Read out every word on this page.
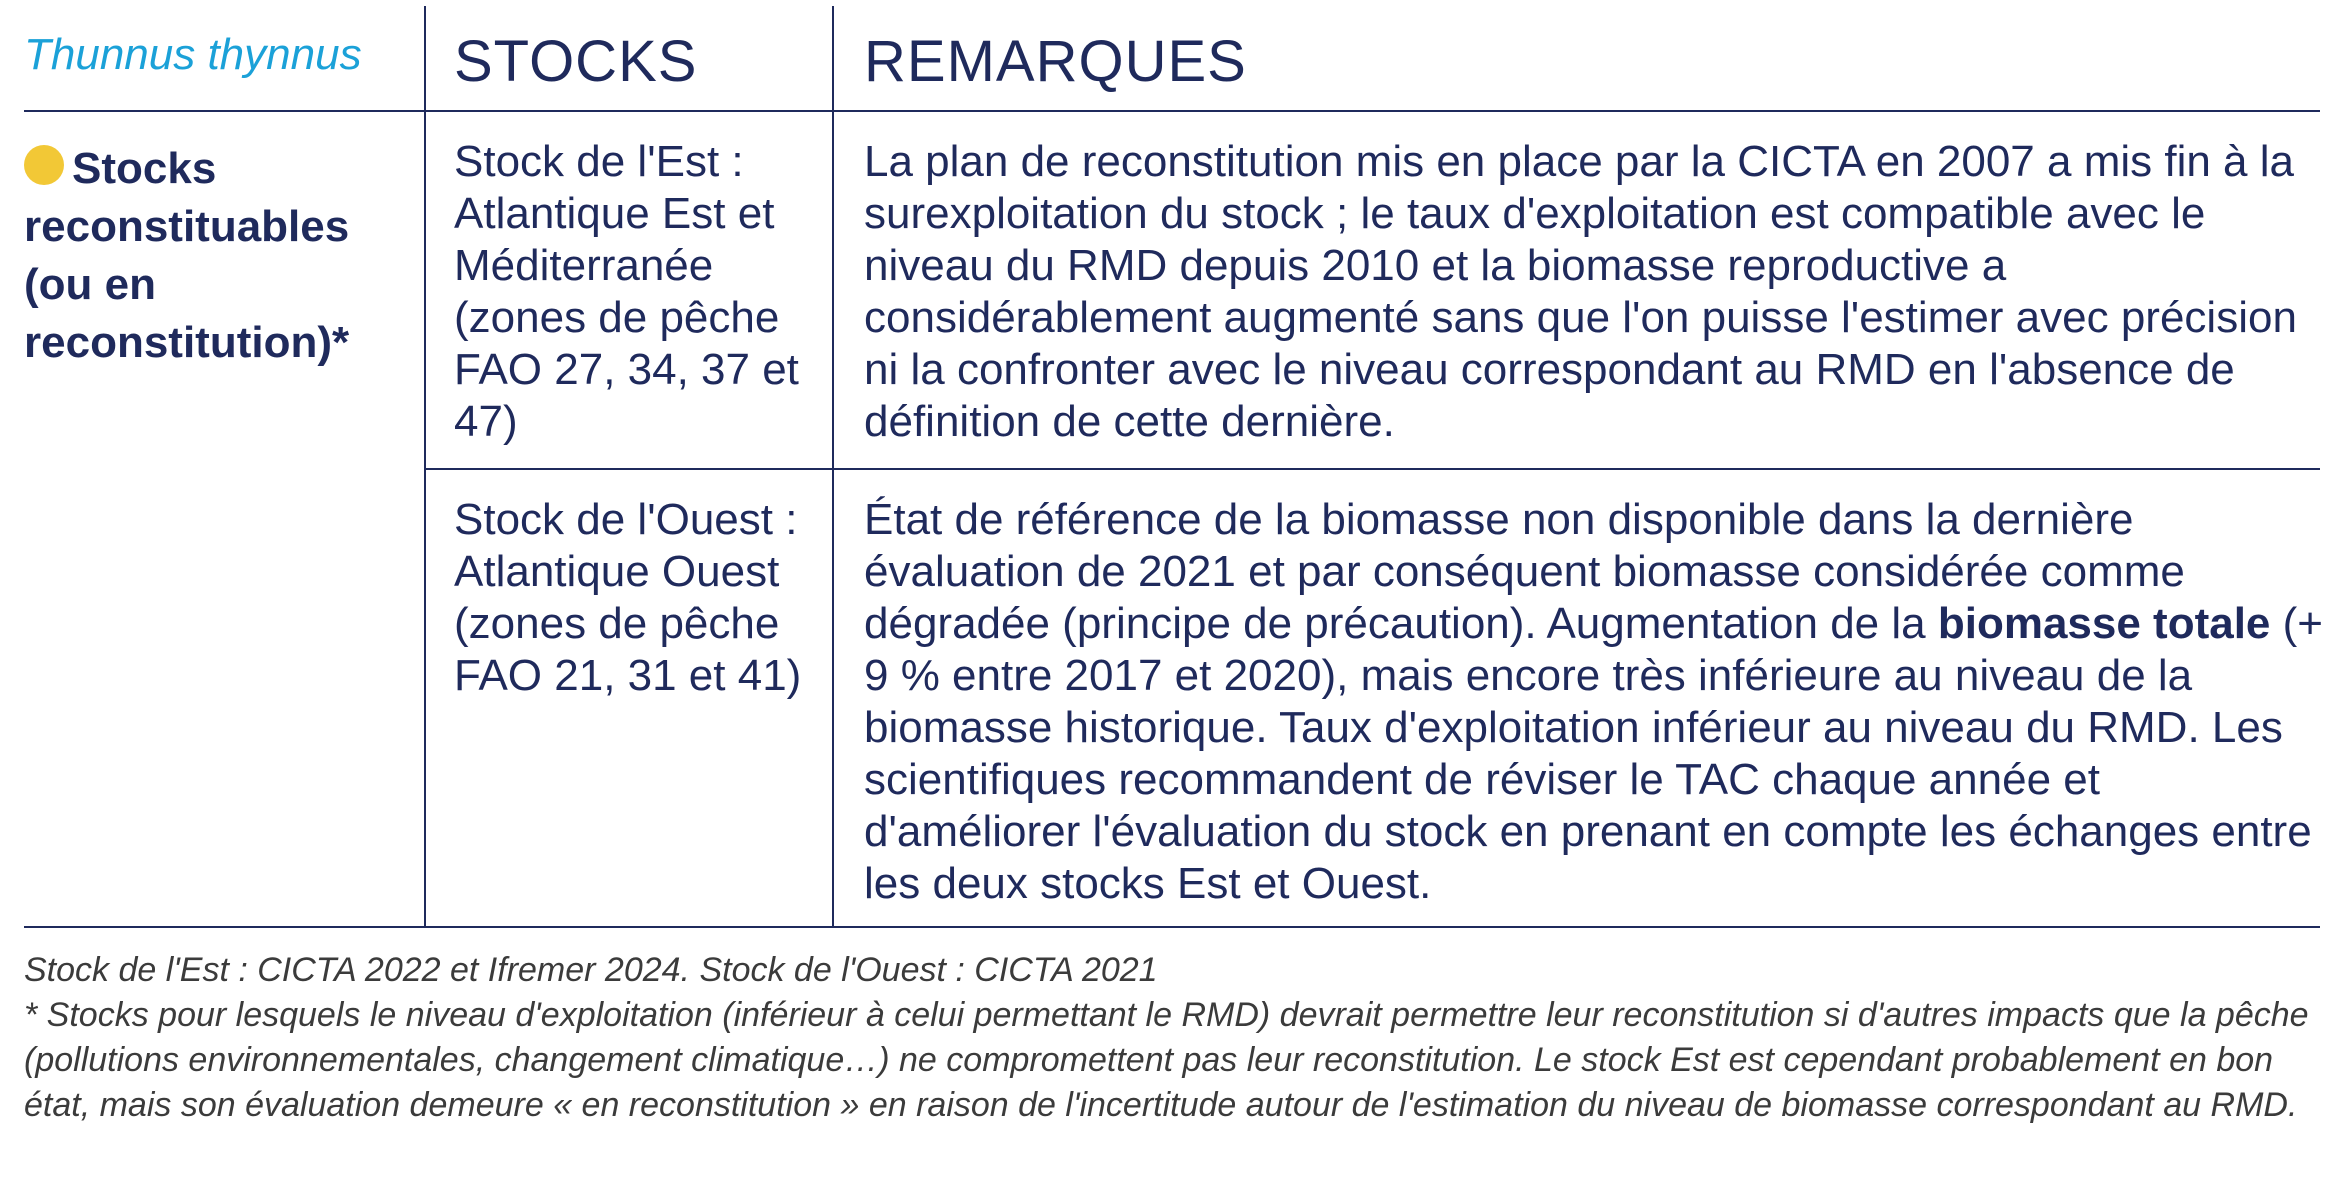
Thunnus thynnus STOCKS	REMARQUES
Stocks reconstituables (ou en reconstitution)*
Stock de l'Est : Atlantique Est et Méditerranée (zones de pêche FAO 27, 34, 37 et 47)
La plan de reconstitution mis en place par la CICTA en 2007 a mis fin à la surexploitation du stock ; le taux d'exploitation est compatible avec le niveau du RMD depuis 2010 et la biomasse reproductive a considérablement augmenté sans que l'on puisse l'estimer avec précision ni la confronter avec le niveau correspondant au RMD en l'absence de définition de cette dernière.
Stock de l'Ouest : Atlantique Ouest (zones de pêche FAO 21, 31 et 41)
État de référence de la biomasse non disponible dans la dernière évaluation de 2021 et par conséquent biomasse considérée comme dégradée (principe de précaution). Augmentation de la biomasse totale (+ 9 % entre 2017 et 2020), mais encore très inférieure au niveau de la biomasse historique. Taux d'exploitation inférieur au niveau du RMD. Les scientifiques recommandent de réviser le TAC chaque année et d'améliorer l'évaluation du stock en prenant en compte les échanges entre les deux stocks Est et Ouest.

Stock de l'Est : CICTA 2022 et Ifremer 2024. Stock de l'Ouest : CICTA 2021

* Stocks pour lesquels le niveau d'exploitation (inférieur à celui permettant le RMD) devrait permettre leur reconstitution si d'autres impacts que la pêche (pollutions environnementales, changement climatique…) ne compromettent pas leur reconstitution. Le stock Est est cependant probablement en bon état, mais son évaluation demeure « en reconstitution » en raison de l'incertitude autour de l'estimation du niveau de biomasse correspondant au RMD.
